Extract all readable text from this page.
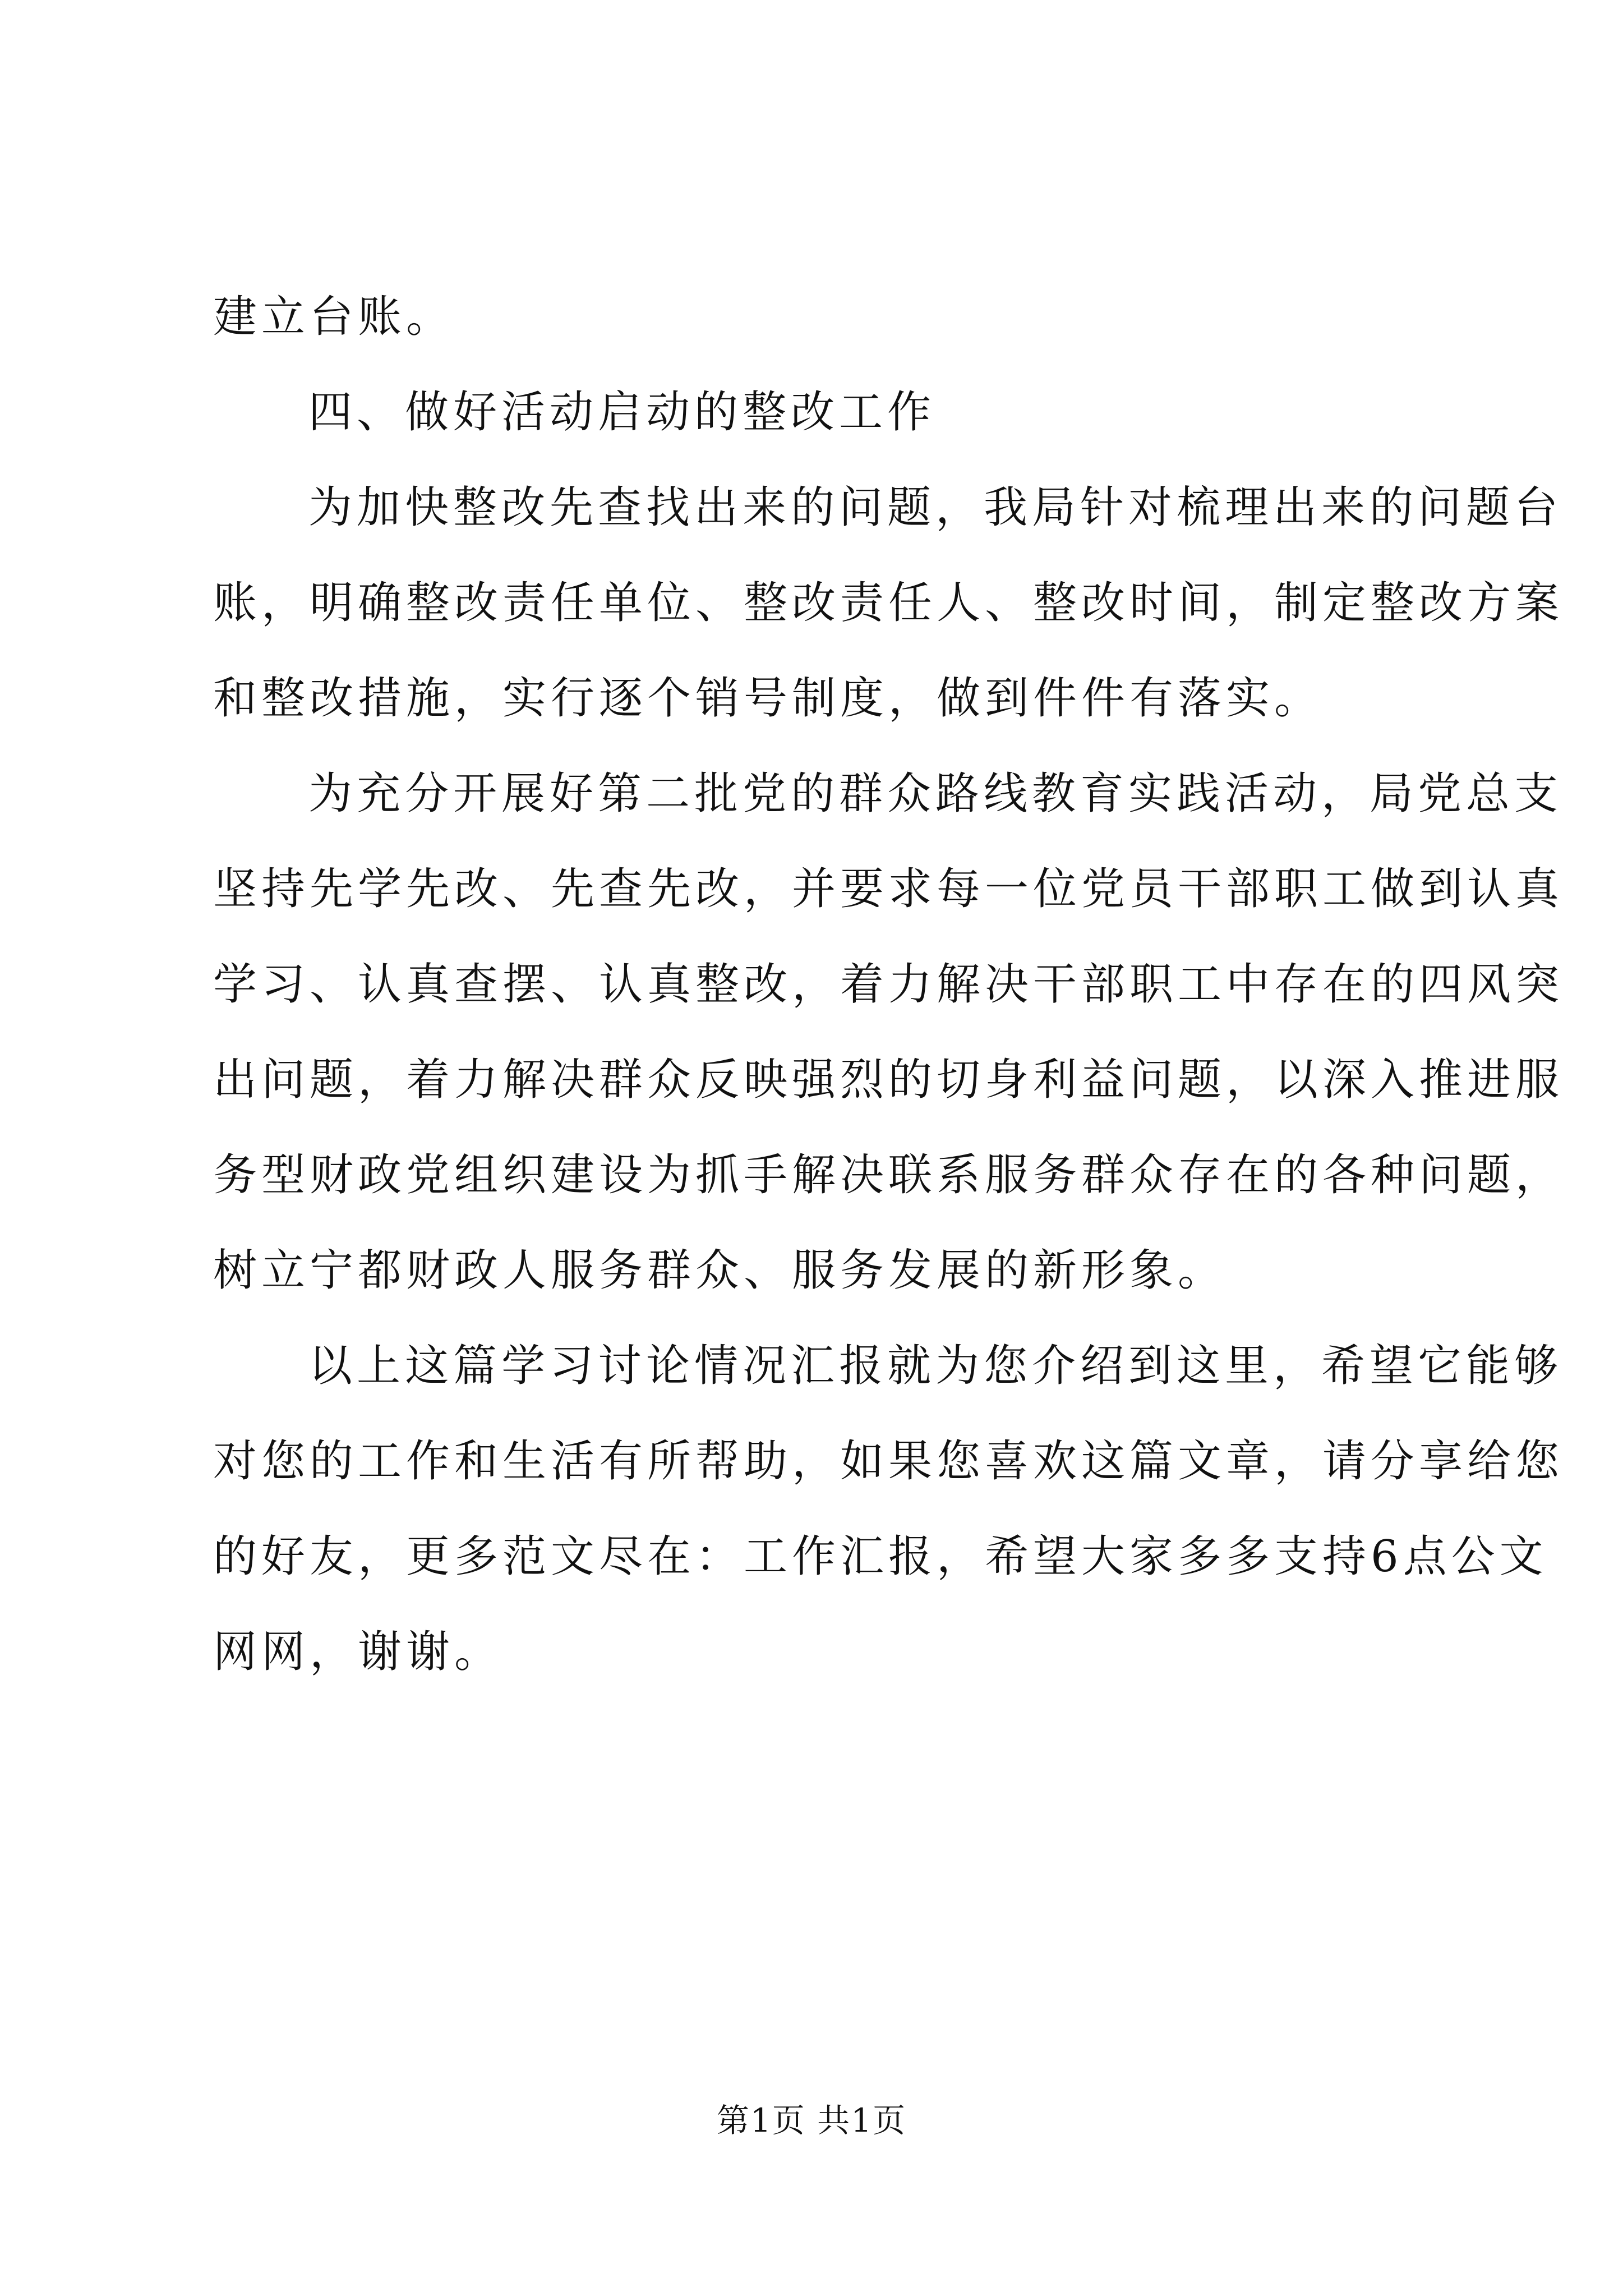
建立台账。
四、做好活动启动的整改工作
为加快整改先查找出来的问题，我局针对梳理出来的问题台
账，明确整改责任单位、整改责任人、整改时间，制定整改方案
和整改措施，实行逐个销号制度，做到件件有落实。
为充分开展好第二批党的群众路线教育实践活动，局党总支
坚持先学先改、先查先改，并要求每一位党员干部职工做到认真
学习、认真查摆、认真整改，着力解决干部职工中存在的四风突
出问题，着力解决群众反映强烈的切身利益问题，以深入推进服
务型财政党组织建设为抓手解决联系服务群众存在的各种问题，
树立宁都财政人服务群众、服务发展的新形象。
以上这篇学习讨论情况汇报就为您介绍到这里，希望它能够
对您的工作和生活有所帮助，如果您喜欢这篇文章，请分享给您
的好友，更多范文尽在：工作汇报，希望大家多多支持6点公文
网网，谢谢。
第1页 共1页
